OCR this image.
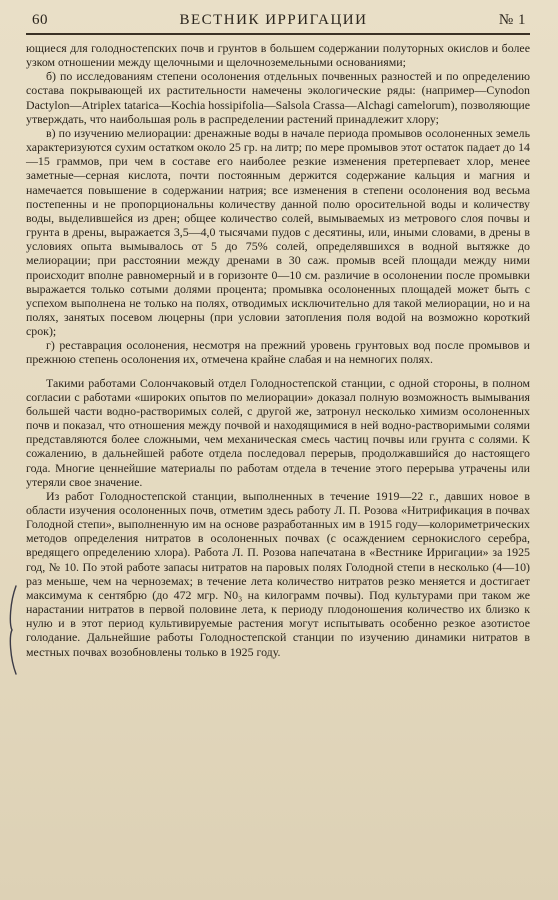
60	ВЕСТНИК ИРРИГАЦИИ	№ 1

ющиеся для голодностепских почв и грунтов в большем содержании полуторных окислов и более узком отношении между щелочными и щелочноземельными основаниями;

б) по исследованиям степени осолонения отдельных почвенных разностей и по определению состава покрывающей их растительности намечены экологические ряды: (например—Cynodon Dactylon—Atriplex tatarica—Kochia hossipifolia—Salsola Crassa—Alchagi camelorum), позволяющие утверждать, что наибольшая роль в распределении растений принадлежит хлору;

в) по изучению мелиорации: дренажные воды в начале периода промывов осолоненных земель характеризуются сухим остатком около 25 гр. на литр; по мере промывов этот остаток падает до 14—15 граммов, при чем в составе его наиболее резкие изменения претерпевает хлор, менее заметные—серная кислота, почти постоянным держится содержание кальция и магния и намечается повышение в содержании натрия; все изменения в степени осолонения вод весьма постепенны и не пропорциональны количеству данной полю оросительной воды и количеству воды, выделившейся из дрен; общее количество солей, вымываемых из метрового слоя почвы и грунта в дрены, выражается 3,5—4,0 тысячами пудов с десятины, или, иными словами, в дрены в условиях опыта вымывалось от 5 до 75% солей, определявшихся в водной вытяжке до мелиорации; при расстоянии между дренами в 30 саж. промыв всей площади между ними происходит вполне равномерный и в горизонте 0—10 см. различие в осолонении после промывки выражается только сотыми долями процента; промывка осолоненных площадей может быть с успехом выполнена не только на полях, отводимых исключительно для такой мелиорации, но и на полях, занятых посевом люцерны (при условии затопления поля водой на возможно короткий срок);

г) реставрация осолонения, несмотря на прежний уровень грунтовых вод после промывов и прежнюю степень осолонения их, отмечена крайне слабая и на немногих полях.

Такими работами Солончаковый отдел Голодностепской станции, с одной стороны, в полном согласии с работами «широких опытов по мелиорации» доказал полную возможность вымывания большей части водно-растворимых солей, с другой же, затронул несколько химизм осолоненных почв и показал, что отношения между почвой и находящимися в ней водно-растворимыми солями представляются более сложными, чем механическая смесь частиц почвы или грунта с солями. К сожалению, в дальнейшей работе отдела последовал перерыв, продолжавшийся до настоящего года. Многие ценнейшие материалы по работам отдела в течение этого перерыва утрачены или утеряли свое значение.

Из работ Голодностепской станции, выполненных в течение 1919—22 г., давших новое в области изучения осолоненных почв, отметим здесь работу Л. П. Розова «Нитрификация в почвах Голодной степи», выполненную им на основе разработанных им в 1915 году—колориметрических методов определения нитратов в осолоненных почвах (с осаждением сернокислого серебра, вредящего определению хлора). Работа Л. П. Розова напечатана в «Вестнике Ирригации» за 1925 год, № 10. По этой работе запасы нитратов на паровых полях Голодной степи в несколько (4—10) раз меньше, чем на черноземах; в течение лета количество нитратов резко меняется и достигает максимума к сентябрю (до 472 мгр. N0₃ на килограмм почвы). Под культурами при таком же нарастании нитратов в первой половине лета, к периоду плодоношения количество их близко к нулю и в этот период культивируемые растения могут испытывать особенно резкое азотистое голодание. Дальнейшие работы Голодностепской станции по изучению динамики нитратов в местных почвах возобновлены только в 1925 году.
